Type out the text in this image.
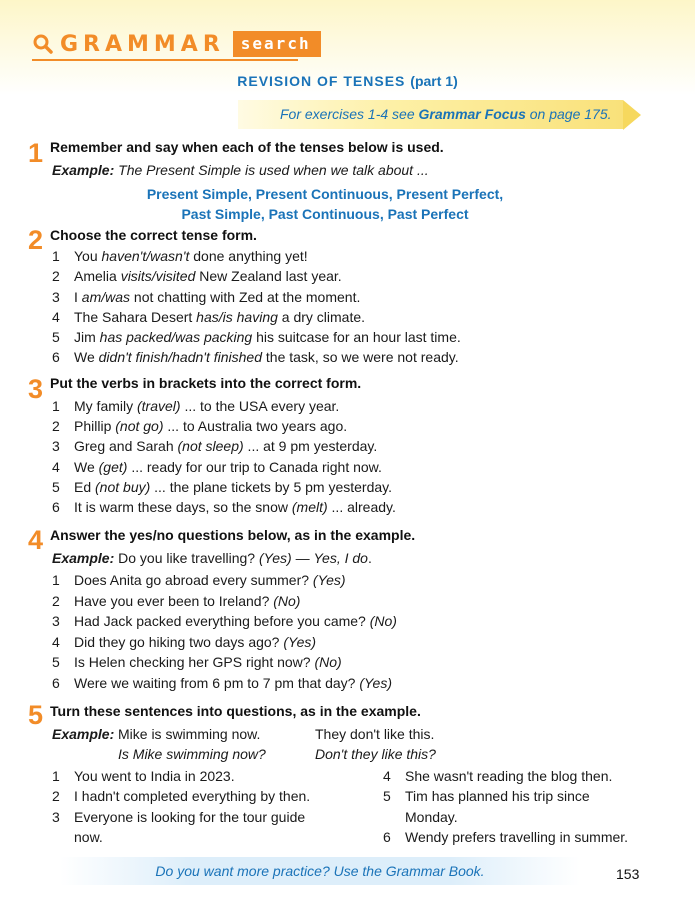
GRAMMAR	search
REVISION OF TENSES (part 1)
For exercises 1-4 see Grammar Focus on page 175.
1 Remember and say when each of the tenses below is used.
Example: The Present Simple is used when we talk about ...
Present Simple, Present Continuous, Present Perfect,
Past Simple, Past Continuous, Past Perfect
2 Choose the correct tense form.
1 You haven't/wasn't done anything yet!
2 Amelia visits/visited New Zealand last year.
3 I am/was not chatting with Zed at the moment.
4 The Sahara Desert has/is having a dry climate.
5 Jim has packed/was packing his suitcase for an hour last time.
6 We didn't finish/hadn't finished the task, so we were not ready.
3 Put the verbs in brackets into the correct form.
1 My family (travel) ... to the USA every year.
2 Phillip (not go) ... to Australia two years ago.
3 Greg and Sarah (not sleep) ... at 9 pm yesterday.
4 We (get) ... ready for our trip to Canada right now.
5 Ed (not buy) ... the plane tickets by 5 pm yesterday.
6 It is warm these days, so the snow (melt) ... already.
4 Answer the yes/no questions below, as in the example.
Example: Do you like travelling? (Yes) — Yes, I do.
1 Does Anita go abroad every summer? (Yes)
2 Have you ever been to Ireland? (No)
3 Had Jack packed everything before you came? (No)
4 Did they go hiking two days ago? (Yes)
5 Is Helen checking her GPS right now? (No)
6 Were we waiting from 6 pm to 7 pm that day? (Yes)
5 Turn these sentences into questions, as in the example.
Example: Mike is swimming now.
Is Mike swimming now?
They don't like this.
Don't they like this?
1 You went to India in 2023.
2 I hadn't completed everything by then.
3 Everyone is looking for the tour guide
now.
4 She wasn't reading the blog then.
5 Tim has planned his trip since
Monday.
6 Wendy prefers travelling in summer.
Do you want more practice? Use the Grammar Book.	153
